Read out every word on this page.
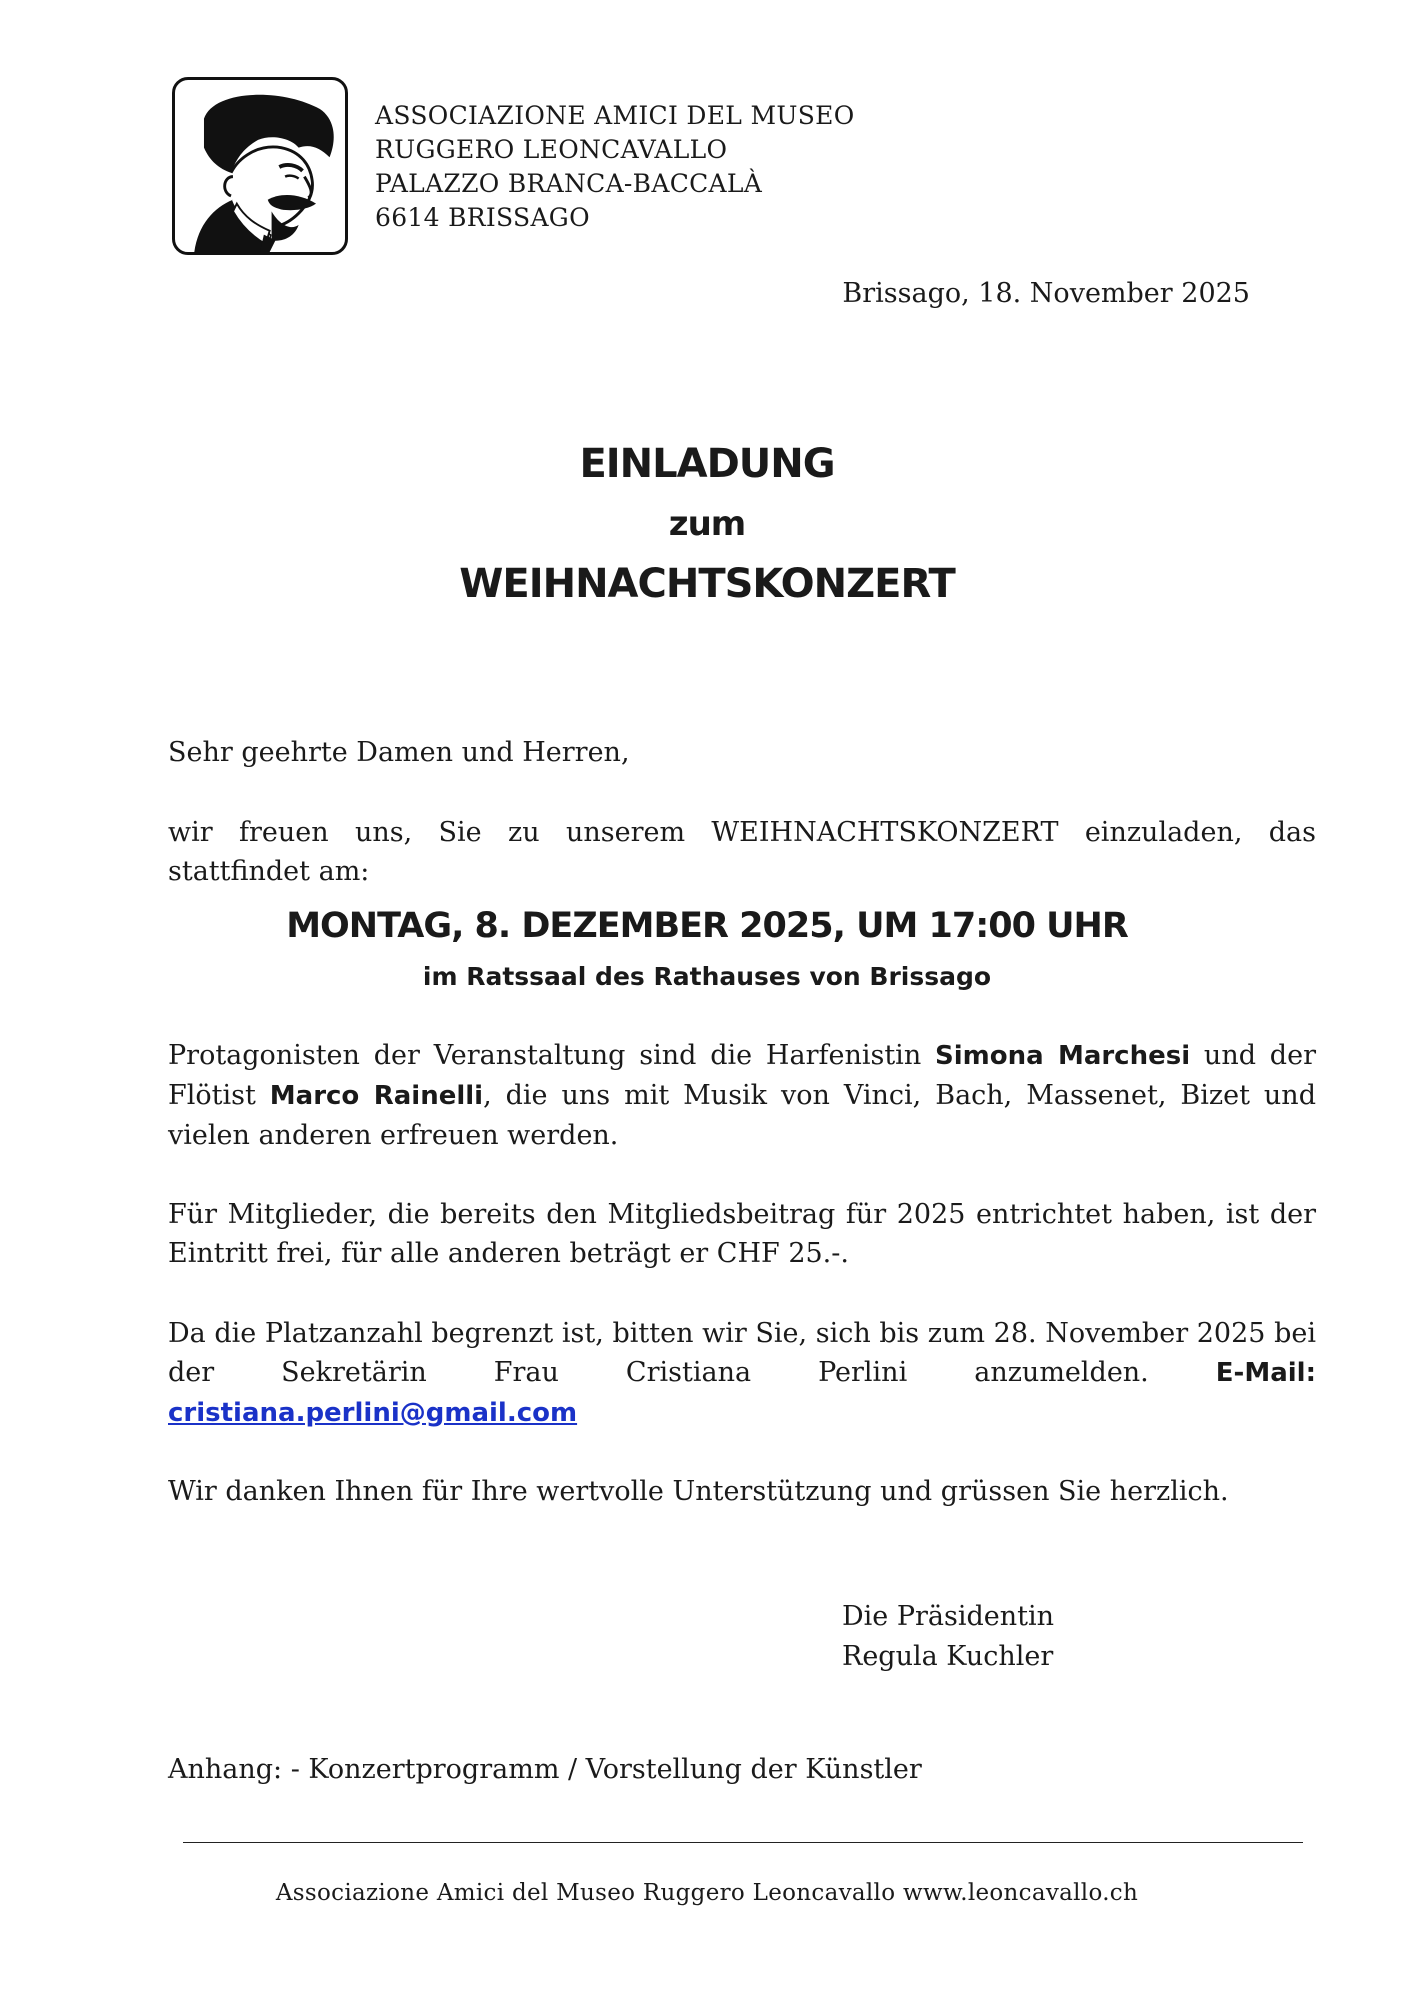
ASSOCIAZIONE AMICI DEL MUSEO
RUGGERO LEONCAVALLO
PALAZZO BRANCA-BACCALÀ
6614 BRISSAGO
Brissago, 18. November 2025
EINLADUNG
zum
WEIHNACHTSKONZERT
Sehr geehrte Damen und Herren,
wir freuen uns, Sie zu unserem WEIHNACHTSKONZERT einzuladen, das stattfindet am:
MONTAG, 8. DEZEMBER 2025, UM 17:00 UHR
im Ratssaal des Rathauses von Brissago
Protagonisten der Veranstaltung sind die Harfenistin Simona Marchesi und der Flötist Marco Rainelli, die uns mit Musik von Vinci, Bach, Massenet, Bizet und vielen anderen erfreuen werden.
Für Mitglieder, die bereits den Mitgliedsbeitrag für 2025 entrichtet haben, ist der Eintritt frei, für alle anderen beträgt er CHF 25.-.
Da die Platzanzahl begrenzt ist, bitten wir Sie, sich bis zum 28. November 2025 bei der Sekretärin Frau Cristiana Perlini anzumelden.	E-Mail: cristiana.perlini@gmail.com
Wir danken Ihnen für Ihre wertvolle Unterstützung und grüssen Sie herzlich.
Die Präsidentin
Regula Kuchler
Anhang: - Konzertprogramm / Vorstellung der Künstler
Associazione Amici del Museo Ruggero Leoncavallo www.leoncavallo.ch
